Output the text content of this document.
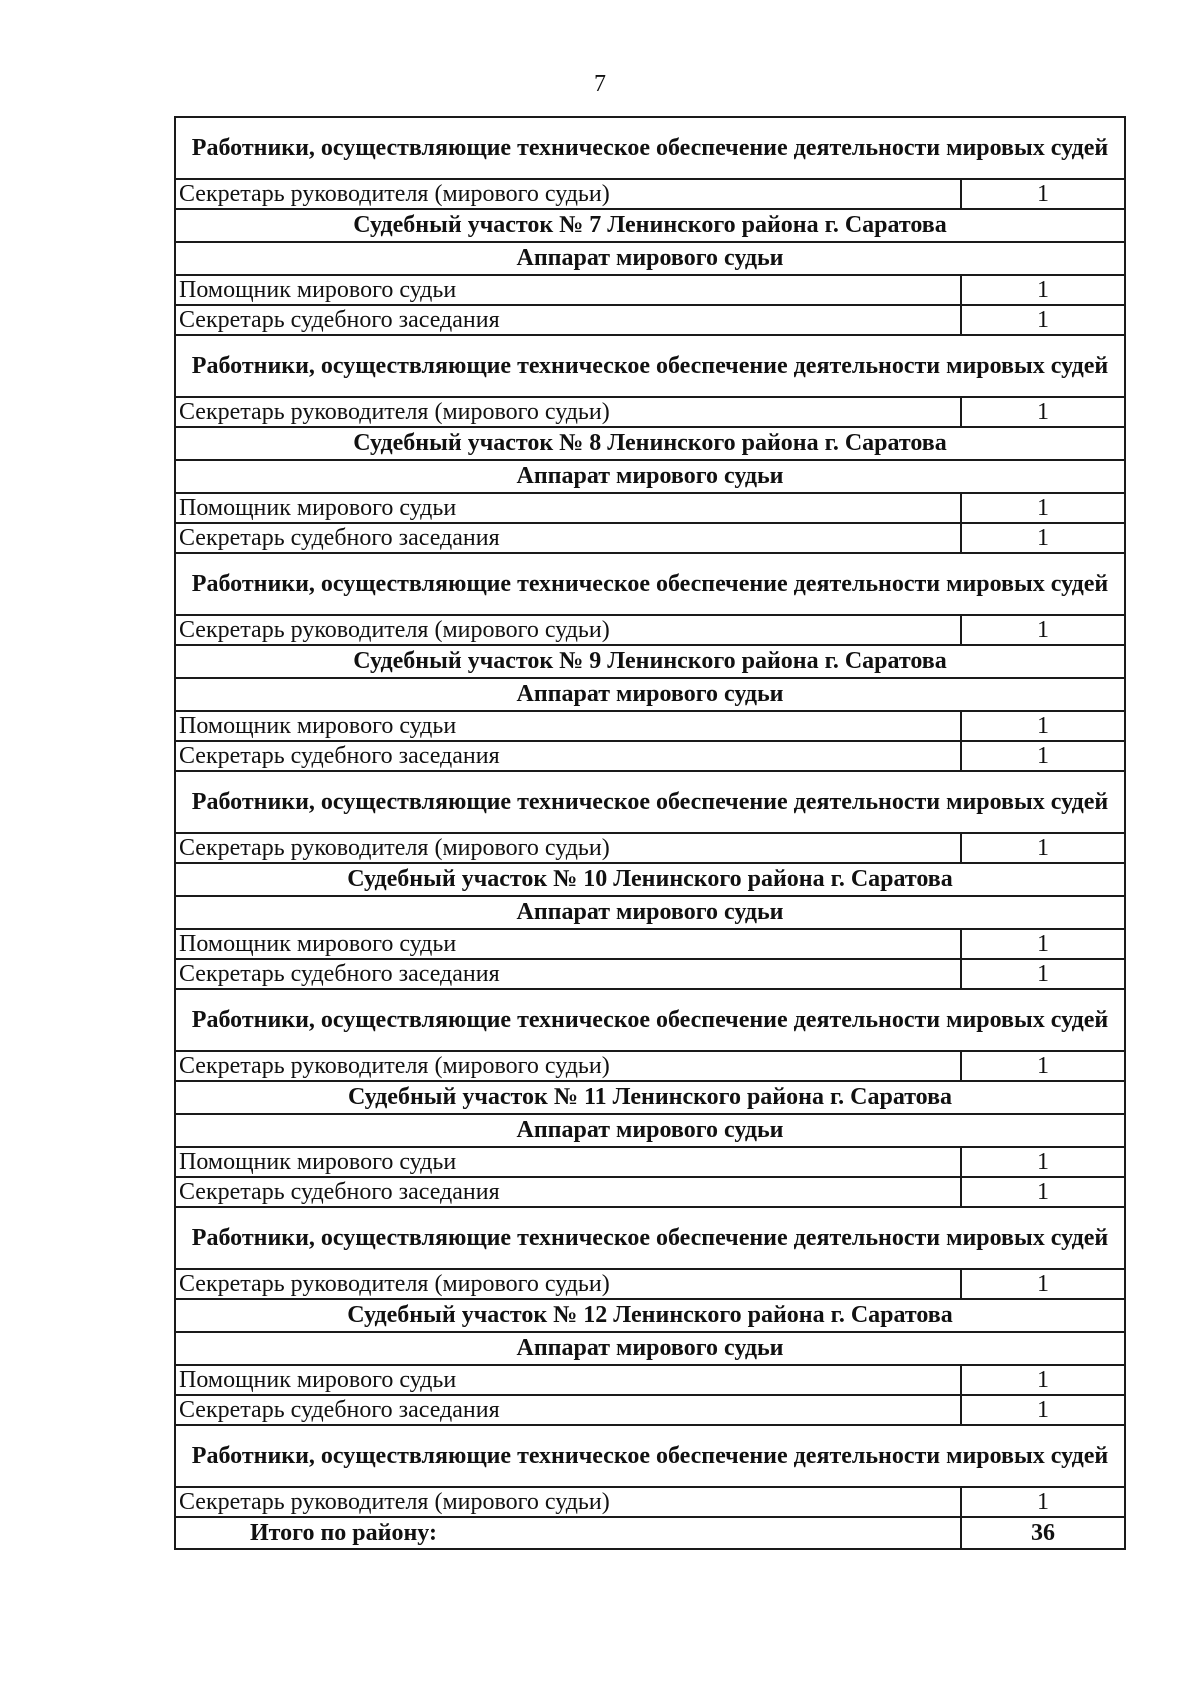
7
Работники, осуществляющие техническое обеспечение деятельности мировых судей	
Секретарь руководителя (мирового судьи)	1
Судебный участок № 7 Ленинского района г. Саратова	
Аппарат мирового судьи	
Помощник мирового судьи	1
Секретарь судебного заседания	1
Работники, осуществляющие техническое обеспечение деятельности мировых судей	
Секретарь руководителя (мирового судьи)	1
Судебный участок № 8 Ленинского района г. Саратова	
Аппарат мирового судьи	
Помощник мирового судьи	1
Секретарь судебного заседания	1
Работники, осуществляющие техническое обеспечение деятельности мировых судей	
Секретарь руководителя (мирового судьи)	1
Судебный участок № 9 Ленинского района г. Саратова	
Аппарат мирового судьи	
Помощник мирового судьи	1
Секретарь судебного заседания	1
Работники, осуществляющие техническое обеспечение деятельности мировых судей	
Секретарь руководителя (мирового судьи)	1
Судебный участок № 10 Ленинского района г. Саратова	
Аппарат мирового судьи	
Помощник мирового судьи	1
Секретарь судебного заседания	1
Работники, осуществляющие техническое обеспечение деятельности мировых судей	
Секретарь руководителя (мирового судьи)	1
Судебный участок № 11 Ленинского района г. Саратова	
Аппарат мирового судьи	
Помощник мирового судьи	1
Секретарь судебного заседания	1
Работники, осуществляющие техническое обеспечение деятельности мировых судей	
Секретарь руководителя (мирового судьи)	1
Судебный участок № 12 Ленинского района г. Саратова	
Аппарат мирового судьи	
Помощник мирового судьи	1
Секретарь судебного заседания	1
Работники, осуществляющие техническое обеспечение деятельности мировых судей	
Секретарь руководителя (мирового судьи)	1
Итого по району:	36
